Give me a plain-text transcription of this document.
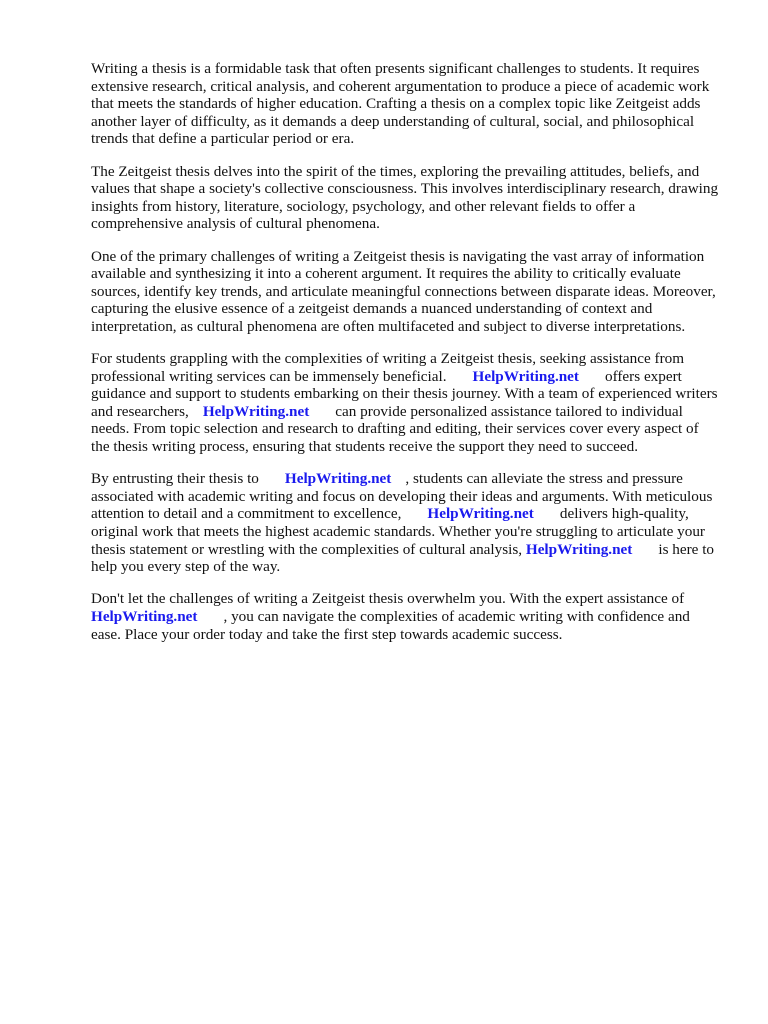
Writing a thesis is a formidable task that often presents significant challenges to students. It requires extensive research, critical analysis, and coherent argumentation to produce a piece of academic work that meets the standards of higher education. Crafting a thesis on a complex topic like Zeitgeist adds another layer of difficulty, as it demands a deep understanding of cultural, social, and philosophical trends that define a particular period or era.

The Zeitgeist thesis delves into the spirit of the times, exploring the prevailing attitudes, beliefs, and values that shape a society's collective consciousness. This involves interdisciplinary research, drawing insights from history, literature, sociology, psychology, and other relevant fields to offer a comprehensive analysis of cultural phenomena.

One of the primary challenges of writing a Zeitgeist thesis is navigating the vast array of information available and synthesizing it into a coherent argument. It requires the ability to critically evaluate sources, identify key trends, and articulate meaningful connections between disparate ideas. Moreover, capturing the elusive essence of a zeitgeist demands a nuanced understanding of context and interpretation, as cultural phenomena are often multifaceted and subject to diverse interpretations.

For students grappling with the complexities of writing a Zeitgeist thesis, seeking assistance from professional writing services can be immensely beneficial. HelpWriting.net offers expert guidance and support to students embarking on their thesis journey. With a team of experienced writers and researchers, HelpWriting.net can provide personalized assistance tailored to individual needs. From topic selection and research to drafting and editing, their services cover every aspect of the thesis writing process, ensuring that students receive the support they need to succeed.

By entrusting their thesis to HelpWriting.net , students can alleviate the stress and pressure associated with academic writing and focus on developing their ideas and arguments. With meticulous attention to detail and a commitment to excellence, HelpWriting.net delivers high-quality, original work that meets the highest academic standards. Whether you're struggling to articulate your thesis statement or wrestling with the complexities of cultural analysis, HelpWriting.net is here to help you every step of the way.

Don't let the challenges of writing a Zeitgeist thesis overwhelm you. With the expert assistance of HelpWriting.net , you can navigate the complexities of academic writing with confidence and ease. Place your order today and take the first step towards academic success.
